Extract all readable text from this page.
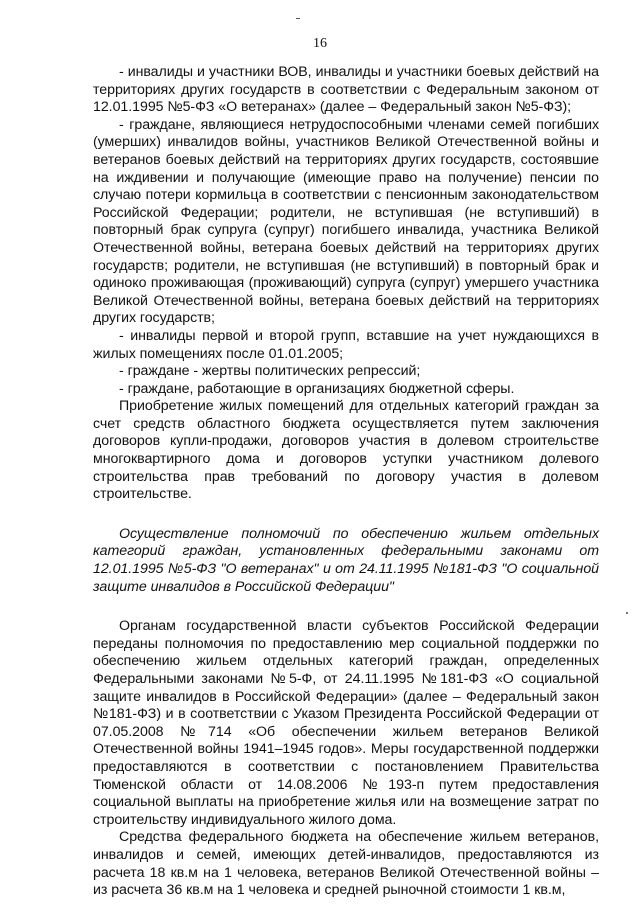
16

- инвалиды и участники ВОВ, инвалиды и участники боевых действий на территориях других государств в соответствии с Федеральным законом от 12.01.1995 №5-ФЗ «О ветеранах» (далее – Федеральный закон №5-ФЗ);

- граждане, являющиеся нетрудоспособными членами семей погибших (умерших) инвалидов войны, участников Великой Отечественной войны и ветеранов боевых действий на территориях других государств, состоявшие на иждивении и получающие (имеющие право на получение) пенсии по случаю потери кормильца в соответствии с пенсионным законодательством Российской Федерации; родители, не вступившая (не вступивший) в повторный брак супруга (супруг) погибшего инвалида, участника Великой Отечественной войны, ветерана боевых действий на территориях других государств; родители, не вступившая (не вступивший) в повторный брак и одиноко проживающая (проживающий) супруга (супруг) умершего участника Великой Отечественной войны, ветерана боевых действий на территориях других государств;

- инвалиды первой и второй групп, вставшие на учет нуждающихся в жилых помещениях после 01.01.2005;

- граждане - жертвы политических репрессий;

- граждане, работающие в организациях бюджетной сферы.

Приобретение жилых помещений для отдельных категорий граждан за счет средств областного бюджета осуществляется путем заключения договоров купли-продажи, договоров участия в долевом строительстве многоквартирного дома и договоров уступки участником долевого строительства прав требований по договору участия в долевом строительстве.

Осуществление полномочий по обеспечению жильем отдельных категорий граждан, установленных федеральными законами от 12.01.1995 №5-ФЗ "О ветеранах" и от 24.11.1995 №181-ФЗ "О социальной защите инвалидов в Российской Федерации"

Органам государственной власти субъектов Российской Федерации переданы полномочия по предоставлению мер социальной поддержки по обеспечению жильем отдельных категорий граждан, определенных Федеральными законами №5-Ф, от 24.11.1995 №181-ФЗ «О социальной защите инвалидов в Российской Федерации» (далее – Федеральный закон №181-ФЗ) и в соответствии с Указом Президента Российской Федерации от 07.05.2008 №714 «Об обеспечении жильем ветеранов Великой Отечественной войны 1941–1945 годов». Меры государственной поддержки предоставляются в соответствии с постановлением Правительства Тюменской области от 14.08.2006 №193-п путем предоставления социальной выплаты на приобретение жилья или на возмещение затрат по строительству индивидуального жилого дома.

Средства федерального бюджета на обеспечение жильем ветеранов, инвалидов и семей, имеющих детей-инвалидов, предоставляются из расчета 18 кв.м на 1 человека, ветеранов Великой Отечественной войны – из расчета 36 кв.м на 1 человека и средней рыночной стоимости 1 кв.м,
